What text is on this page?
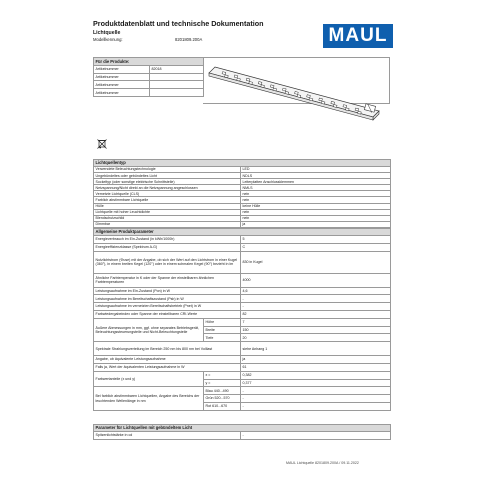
Produktdatenblatt und technische Dokumentation
Lichtquelle
Modellkennung:	8201809.200A	MAUL
Für die Produkte:	
Artikelnummer	82018
Artikelnummer	
Artikelnummer	
Artikelnummer	
Lichtquellentyp	
Verwendete Beleuchtungstechnologie	LED
Ungebündeltes oder gebündeltes Licht	NDLS
Sockeltyp (oder sonstige elektrische Schnittstelle)	Leiterplatten Anschlussklemmen
Netzspannung/Nicht direkt an die Netzspannung angeschlossen	NMLS
Vernetzte Lichtquelle (CLS)	nein
Farblich abstimmbare Lichtquelle	nein
Hülle	keine Hülle
Lichtquelle mit hoher Leuchtdichte	nein
Blendschutzschild	nein
Dimmbar	ja
Allgemeine Produktparameter		
Energieverbrauch im Ein-Zustand (in kWh/1000h)		5
Energieeffizienzklasse (Spektrum A-G)		C
Nutzlichtstrom (Φuse) mit der Angabe, ob sich der Wert auf den Lichtstrom in einer Kugel (360°), in einem breiten Kegel (120°) oder in einem schmalen Kegel (90°) bezieht in lm		830 in Kugel
Ähnliche Farbtemperatur in K oder der Spanne der einstellbaren ähnlichen Farbtemperaturen		4000
Leistungsaufnahme im Ein-Zustand (Pon) in W		4,6
Leistungsaufnahme im Bereitschaftszustand (Psb) in W		-
Leistungsaufnahme im vernetzten Bereitschaftsbetrieb (Pnet) in W		-
Farbwiedergabeindex oder Spanne der einstellbaren CRI-Werte		82
Äußere Abmessungen in mm, ggf. ohne separates Betriebsgerät, Beleuchtungssteuerungsteile und Nicht-Beleuchtungsteile	Höhe	7
	Breite	150
	Tiefe	20
Spektrale Strahlungsverteilung im Bereich 250 nm bis 800 nm bei Volllast		siehe Anhang 1
Angabe, ob äquivalente Leistungsaufnahme		ja
Falls ja, Wert der äquivalenten Leistungsaufnahme in W		61
Farbwertanteile (x und y)	x =	0,382
	y =	0,377
Bei farblich abstimmbaren Lichtquellen, Angabe des Bereichs der leuchtenden Wellenlänge in nm	Blau 440...490	-
	Grün 520...570	-
	Rot 610...670	-
Parameter für Lichtquellen mit gebündeltem Licht
Spitzenlichtstärke in cd	-
MAUL Lichtquelle 8201809.200A / 09.11.2022
